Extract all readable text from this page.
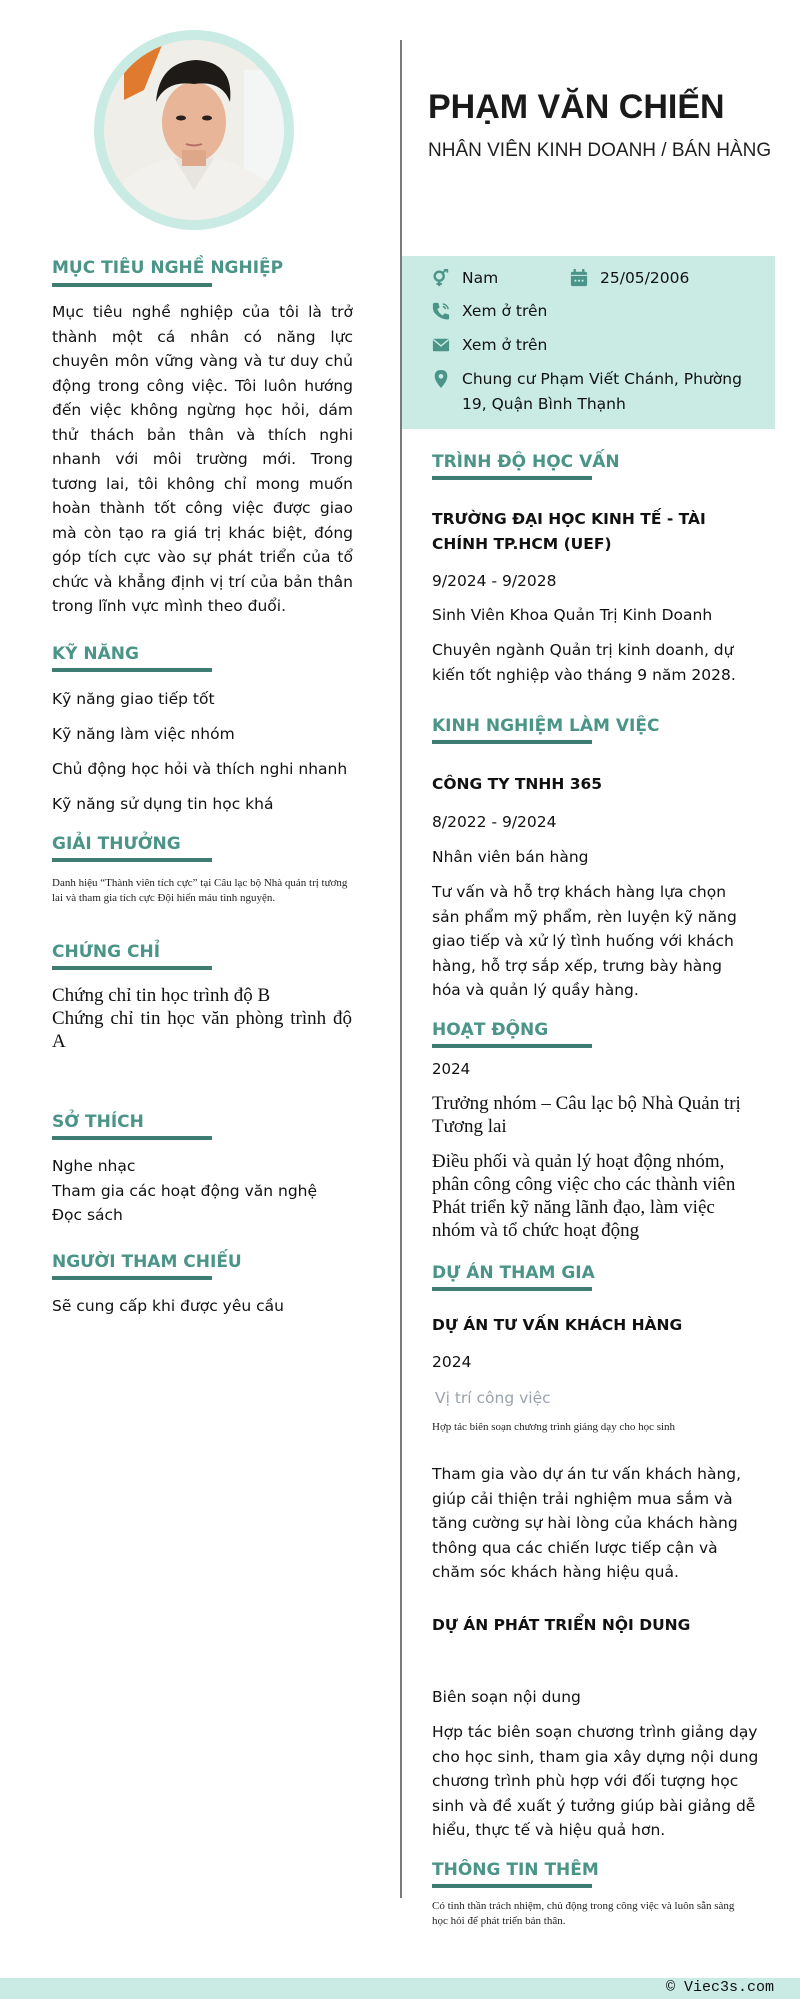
PHẠM VĂN CHIẾN
NHÂN VIÊN KINH DOANH / BÁN HÀNG
Nam	25/05/2006
Xem ở trên
Xem ở trên
Chung cư Phạm Viết Chánh, Phường
19, Quận Bình Thạnh
MỤC TIÊU NGHỀ NGHIỆP
Mục tiêu nghề nghiệp của tôi là trở thành một cá nhân có năng lực chuyên môn vững vàng và tư duy chủ động trong công việc. Tôi luôn hướng đến việc không ngừng học hỏi, dám thử thách bản thân và thích nghi nhanh với môi trường mới. Trong tương lai, tôi không chỉ mong muốn hoàn thành tốt công việc được giao mà còn tạo ra giá trị khác biệt, đóng góp tích cực vào sự phát triển của tổ chức và khẳng định vị trí của bản thân trong lĩnh vực mình theo đuổi.
KỸ NĂNG
Kỹ năng giao tiếp tốt
Kỹ năng làm việc nhóm
Chủ động học hỏi và thích nghi nhanh
Kỹ năng sử dụng tin học khá
GIẢI THƯỞNG
Danh hiệu “Thành viên tích cực” tại Câu lạc bộ Nhà quản trị tương lai và tham gia tích cực Đội hiến máu tình nguyện.
CHỨNG CHỈ
Chứng chỉ tin học trình độ B
Chứng chỉ tin học văn phòng trình độ A
SỞ THÍCH
Nghe nhạc
Tham gia các hoạt động văn nghệ
Đọc sách
NGƯỜI THAM CHIẾU
Sẽ cung cấp khi được yêu cầu
TRÌNH ĐỘ HỌC VẤN
TRƯỜNG ĐẠI HỌC KINH TẾ - TÀI CHÍNH TP.HCM (UEF)
9/2024 - 9/2028
Sinh Viên Khoa Quản Trị Kinh Doanh
Chuyên ngành Quản trị kinh doanh, dự kiến tốt nghiệp vào tháng 9 năm 2028.
KINH NGHIỆM LÀM VIỆC
CÔNG TY TNHH 365
8/2022 - 9/2024
Nhân viên bán hàng
Tư vấn và hỗ trợ khách hàng lựa chọn sản phẩm mỹ phẩm, rèn luyện kỹ năng giao tiếp và xử lý tình huống với khách hàng, hỗ trợ sắp xếp, trưng bày hàng hóa và quản lý quầy hàng.
HOẠT ĐỘNG
2024
Trưởng nhóm – Câu lạc bộ Nhà Quản trị Tương lai
Điều phối và quản lý hoạt động nhóm, phân công công việc cho các thành viên
Phát triển kỹ năng lãnh đạo, làm việc nhóm và tổ chức hoạt động
DỰ ÁN THAM GIA
DỰ ÁN TƯ VẤN KHÁCH HÀNG
2024
Vị trí công việc
Hợp tác biên soạn chương trình giảng dạy cho học sinh
Tham gia vào dự án tư vấn khách hàng, giúp cải thiện trải nghiệm mua sắm và tăng cường sự hài lòng của khách hàng thông qua các chiến lược tiếp cận và chăm sóc khách hàng hiệu quả.
DỰ ÁN PHÁT TRIỂN NỘI DUNG
Biên soạn nội dung
Hợp tác biên soạn chương trình giảng dạy cho học sinh, tham gia xây dựng nội dung chương trình phù hợp với đối tượng học sinh và đề xuất ý tưởng giúp bài giảng dễ hiểu, thực tế và hiệu quả hơn.
THÔNG TIN THÊM
Có tinh thần trách nhiệm, chủ động trong công việc và luôn sẵn sàng học hỏi để phát triển bản thân.
© Viec3s.com
